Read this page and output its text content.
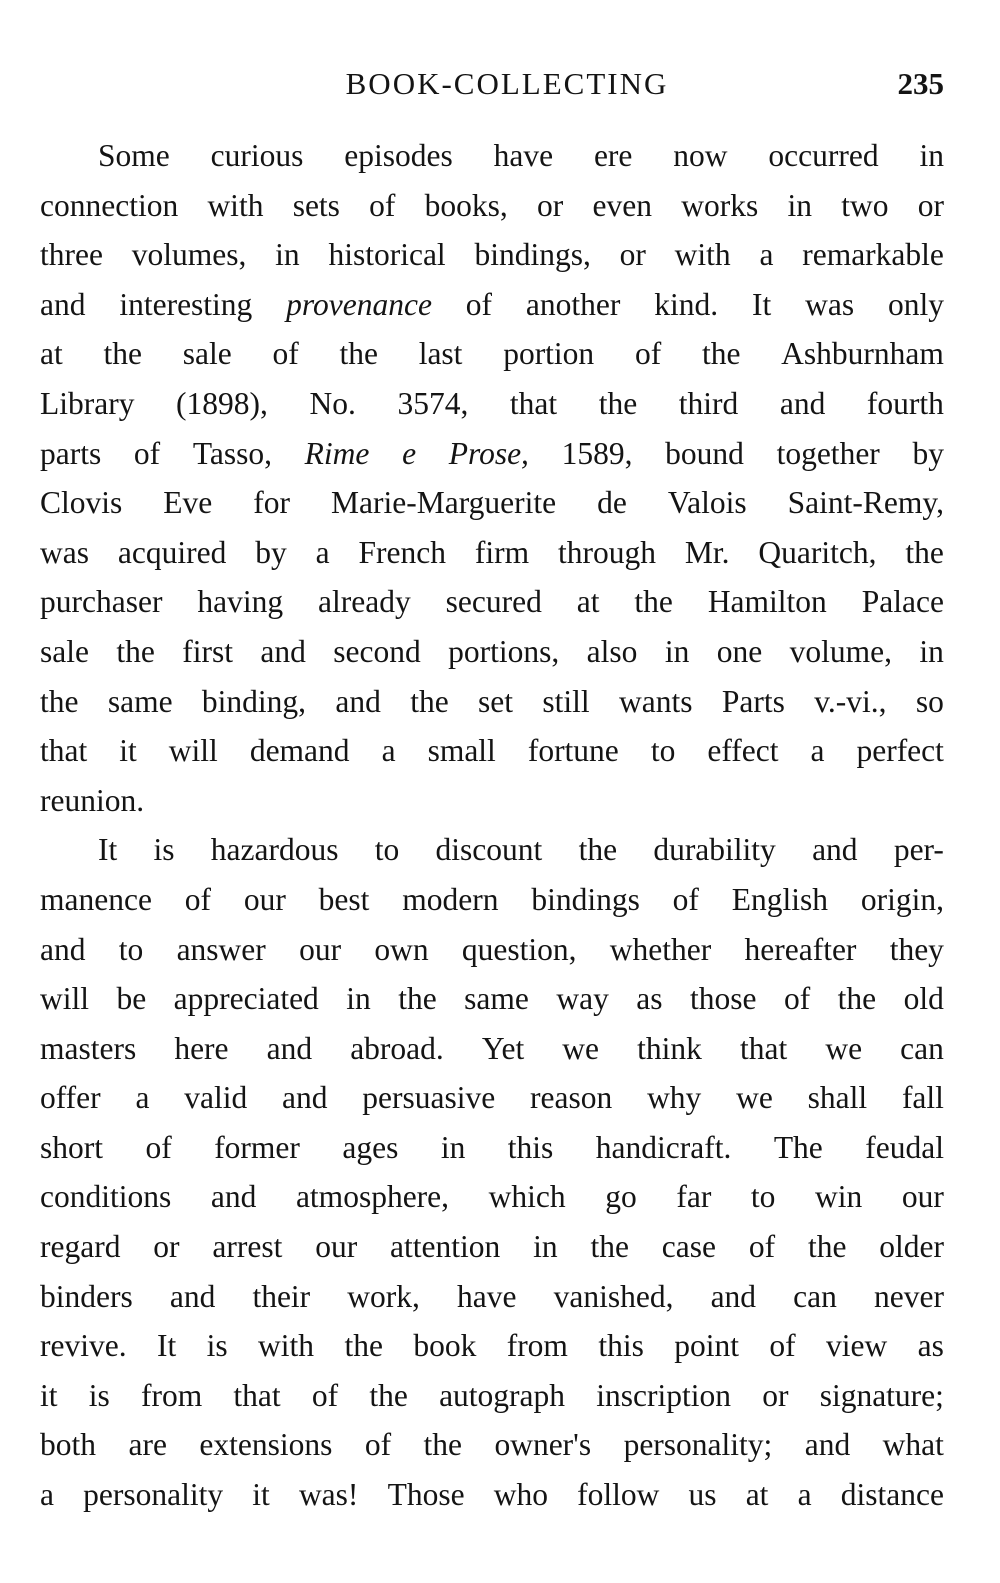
BOOK-COLLECTING	235
Some curious episodes have ere now occurred in
connection with sets of books, or even works in two or
three volumes, in historical bindings, or with a remarkable
and interesting provenance of another kind. It was only
at the sale of the last portion of the Ashburnham
Library (1898), No. 3574, that the third and fourth
parts of Tasso, Rime e Prose, 1589, bound together by
Clovis Eve for Marie-Marguerite de Valois Saint-Remy,
was acquired by a French firm through Mr. Quaritch, the
purchaser having already secured at the Hamilton Palace
sale the first and second portions, also in one volume, in
the same binding, and the set still wants Parts v.-vi., so
that it will demand a small fortune to effect a perfect
reunion.
It is hazardous to discount the durability and per-
manence of our best modern bindings of English origin,
and to answer our own question, whether hereafter they
will be appreciated in the same way as those of the old
masters here and abroad. Yet we think that we can
offer a valid and persuasive reason why we shall fall
short of former ages in this handicraft. The feudal
conditions and atmosphere, which go far to win our
regard or arrest our attention in the case of the older
binders and their work, have vanished, and can never
revive. It is with the book from this point of view as
it is from that of the autograph inscription or signature;
both are extensions of the owner's personality; and what
a personality it was! Those who follow us at a distance
